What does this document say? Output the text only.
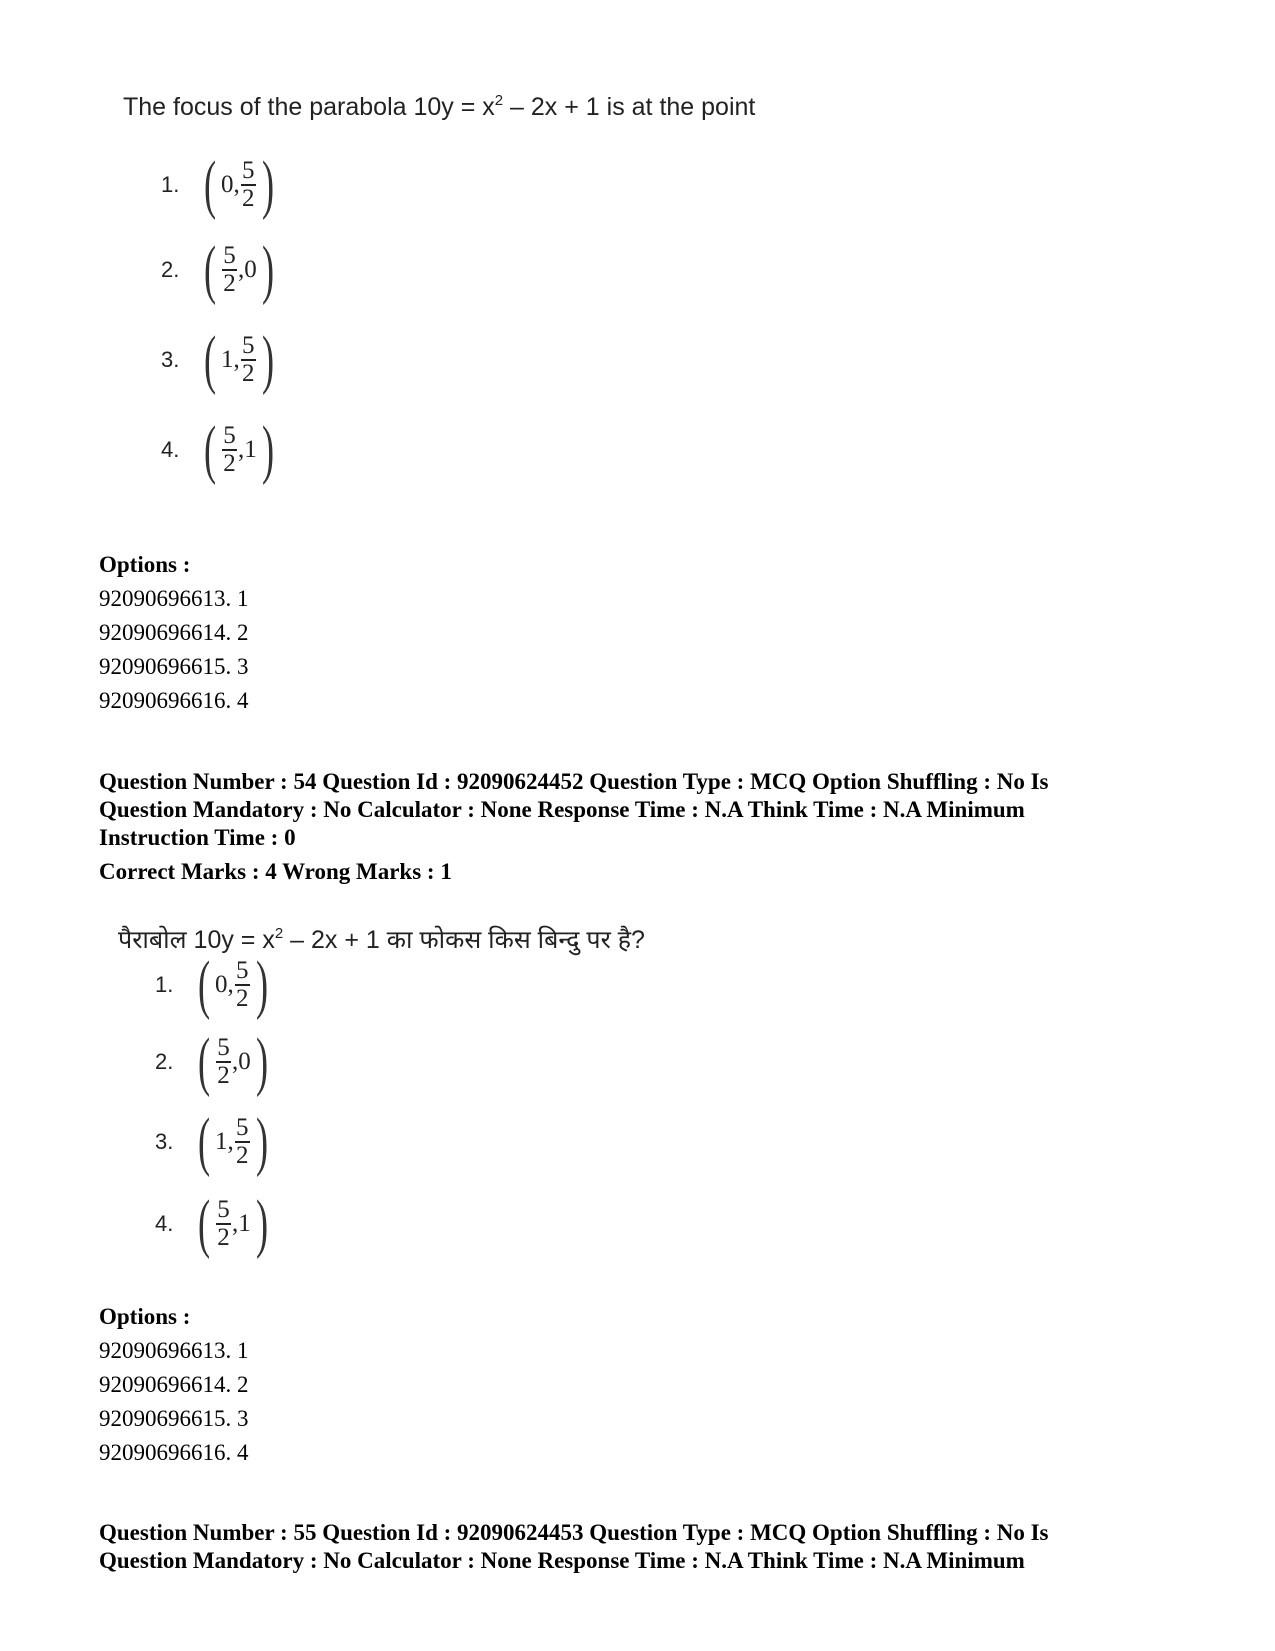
The focus of the parabola $10y = x^2 - 2x + 1$ is at the point
1. ( 0, $\frac{5}{2}$ )
2. ( $\frac{5}{2} ,0$ )
3. ( 1, $\frac{5}{2}$ )
4. ( $\frac{5}{2} ,1$ )
Options :
92090696613. 1
92090696614. 2
92090696615. 3
92090696616. 4

Question Number : 54 Question Id : 92090624452 Question Type : MCQ Option Shuffling : No Is

Question Mandatory : No Calculator : None Response Time : N.A Think Time : N.A Minimum

Instruction Time : 0

Correct Marks : 4 Wrong Marks : 1

पैराबोल $10y = x^2 - 2x + 1$ का फोकस किस बिन्दु पर है?
1. ( 0, $\frac{5}{2}$ )
2. ( $\frac{5}{2} ,0$ )
3. ( 1, $\frac{5}{2}$ )
4. ( $\frac{5}{2} ,1$ )
Options :
92090696613. 1
92090696614. 2
92090696615. 3
92090696616. 4

Question Number : 55 Question Id : 92090624453 Question Type : MCQ Option Shuffling : No Is

Question Mandatory : No Calculator : None Response Time : N.A Think Time : N.A Minimum
